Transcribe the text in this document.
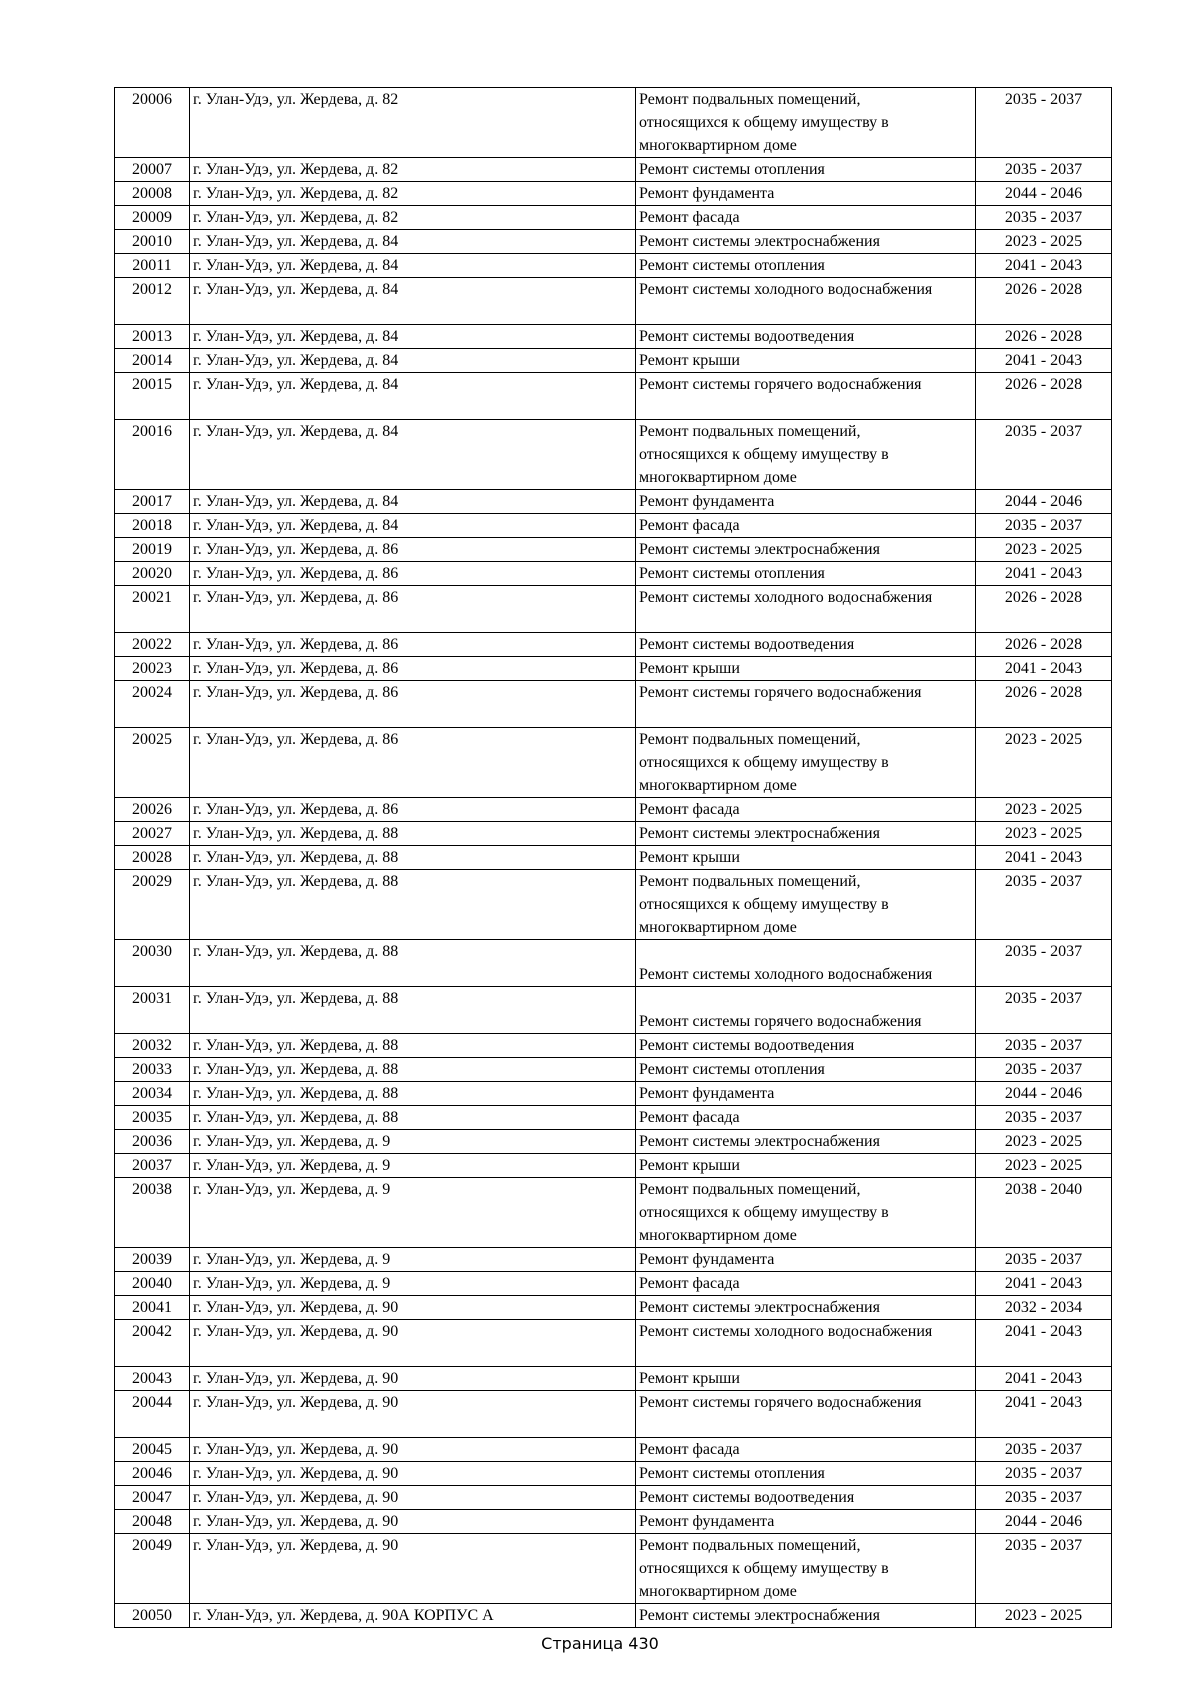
20006	г. Улан-Удэ, ул. Жердева, д. 82	Ремонт подвальных помещений,
относящихся к общему имуществу в
многоквартирном доме	2035 - 2037
20007	г. Улан-Удэ, ул. Жердева, д. 82	Ремонт системы отопления	2035 - 2037
20008	г. Улан-Удэ, ул. Жердева, д. 82	Ремонт фундамента	2044 - 2046
20009	г. Улан-Удэ, ул. Жердева, д. 82	Ремонт фасада	2035 - 2037
20010	г. Улан-Удэ, ул. Жердева, д. 84	Ремонт системы электроснабжения	2023 - 2025
20011	г. Улан-Удэ, ул. Жердева, д. 84	Ремонт системы отопления	2041 - 2043
20012	г. Улан-Удэ, ул. Жердева, д. 84	Ремонт системы холодного водоснабжения	2026 - 2028
20013	г. Улан-Удэ, ул. Жердева, д. 84	Ремонт системы водоотведения	2026 - 2028
20014	г. Улан-Удэ, ул. Жердева, д. 84	Ремонт крыши	2041 - 2043
20015	г. Улан-Удэ, ул. Жердева, д. 84	Ремонт системы горячего водоснабжения	2026 - 2028
20016	г. Улан-Удэ, ул. Жердева, д. 84	Ремонт подвальных помещений,
относящихся к общему имуществу в
многоквартирном доме	2035 - 2037
20017	г. Улан-Удэ, ул. Жердева, д. 84	Ремонт фундамента	2044 - 2046
20018	г. Улан-Удэ, ул. Жердева, д. 84	Ремонт фасада	2035 - 2037
20019	г. Улан-Удэ, ул. Жердева, д. 86	Ремонт системы электроснабжения	2023 - 2025
20020	г. Улан-Удэ, ул. Жердева, д. 86	Ремонт системы отопления	2041 - 2043
20021	г. Улан-Удэ, ул. Жердева, д. 86	Ремонт системы холодного водоснабжения	2026 - 2028
20022	г. Улан-Удэ, ул. Жердева, д. 86	Ремонт системы водоотведения	2026 - 2028
20023	г. Улан-Удэ, ул. Жердева, д. 86	Ремонт крыши	2041 - 2043
20024	г. Улан-Удэ, ул. Жердева, д. 86	Ремонт системы горячего водоснабжения	2026 - 2028
20025	г. Улан-Удэ, ул. Жердева, д. 86	Ремонт подвальных помещений,
относящихся к общему имуществу в
многоквартирном доме	2023 - 2025
20026	г. Улан-Удэ, ул. Жердева, д. 86	Ремонт фасада	2023 - 2025
20027	г. Улан-Удэ, ул. Жердева, д. 88	Ремонт системы электроснабжения	2023 - 2025
20028	г. Улан-Удэ, ул. Жердева, д. 88	Ремонт крыши	2041 - 2043
20029	г. Улан-Удэ, ул. Жердева, д. 88	Ремонт подвальных помещений,
относящихся к общему имуществу в
многоквартирном доме	2035 - 2037
20030	г. Улан-Удэ, ул. Жердева, д. 88	Ремонт системы холодного водоснабжения	2035 - 2037
20031	г. Улан-Удэ, ул. Жердева, д. 88	Ремонт системы горячего водоснабжения	2035 - 2037
20032	г. Улан-Удэ, ул. Жердева, д. 88	Ремонт системы водоотведения	2035 - 2037
20033	г. Улан-Удэ, ул. Жердева, д. 88	Ремонт системы отопления	2035 - 2037
20034	г. Улан-Удэ, ул. Жердева, д. 88	Ремонт фундамента	2044 - 2046
20035	г. Улан-Удэ, ул. Жердева, д. 88	Ремонт фасада	2035 - 2037
20036	г. Улан-Удэ, ул. Жердева, д. 9	Ремонт системы электроснабжения	2023 - 2025
20037	г. Улан-Удэ, ул. Жердева, д. 9	Ремонт крыши	2023 - 2025
20038	г. Улан-Удэ, ул. Жердева, д. 9	Ремонт подвальных помещений,
относящихся к общему имуществу в
многоквартирном доме	2038 - 2040
20039	г. Улан-Удэ, ул. Жердева, д. 9	Ремонт фундамента	2035 - 2037
20040	г. Улан-Удэ, ул. Жердева, д. 9	Ремонт фасада	2041 - 2043
20041	г. Улан-Удэ, ул. Жердева, д. 90	Ремонт системы электроснабжения	2032 - 2034
20042	г. Улан-Удэ, ул. Жердева, д. 90	Ремонт системы холодного водоснабжения	2041 - 2043
20043	г. Улан-Удэ, ул. Жердева, д. 90	Ремонт крыши	2041 - 2043
20044	г. Улан-Удэ, ул. Жердева, д. 90	Ремонт системы горячего водоснабжения	2041 - 2043
20045	г. Улан-Удэ, ул. Жердева, д. 90	Ремонт фасада	2035 - 2037
20046	г. Улан-Удэ, ул. Жердева, д. 90	Ремонт системы отопления	2035 - 2037
20047	г. Улан-Удэ, ул. Жердева, д. 90	Ремонт системы водоотведения	2035 - 2037
20048	г. Улан-Удэ, ул. Жердева, д. 90	Ремонт фундамента	2044 - 2046
20049	г. Улан-Удэ, ул. Жердева, д. 90	Ремонт подвальных помещений,
относящихся к общему имуществу в
многоквартирном доме	2035 - 2037
20050	г. Улан-Удэ, ул. Жердева, д. 90А КОРПУС А	Ремонт системы электроснабжения	2023 - 2025
Страница 430
